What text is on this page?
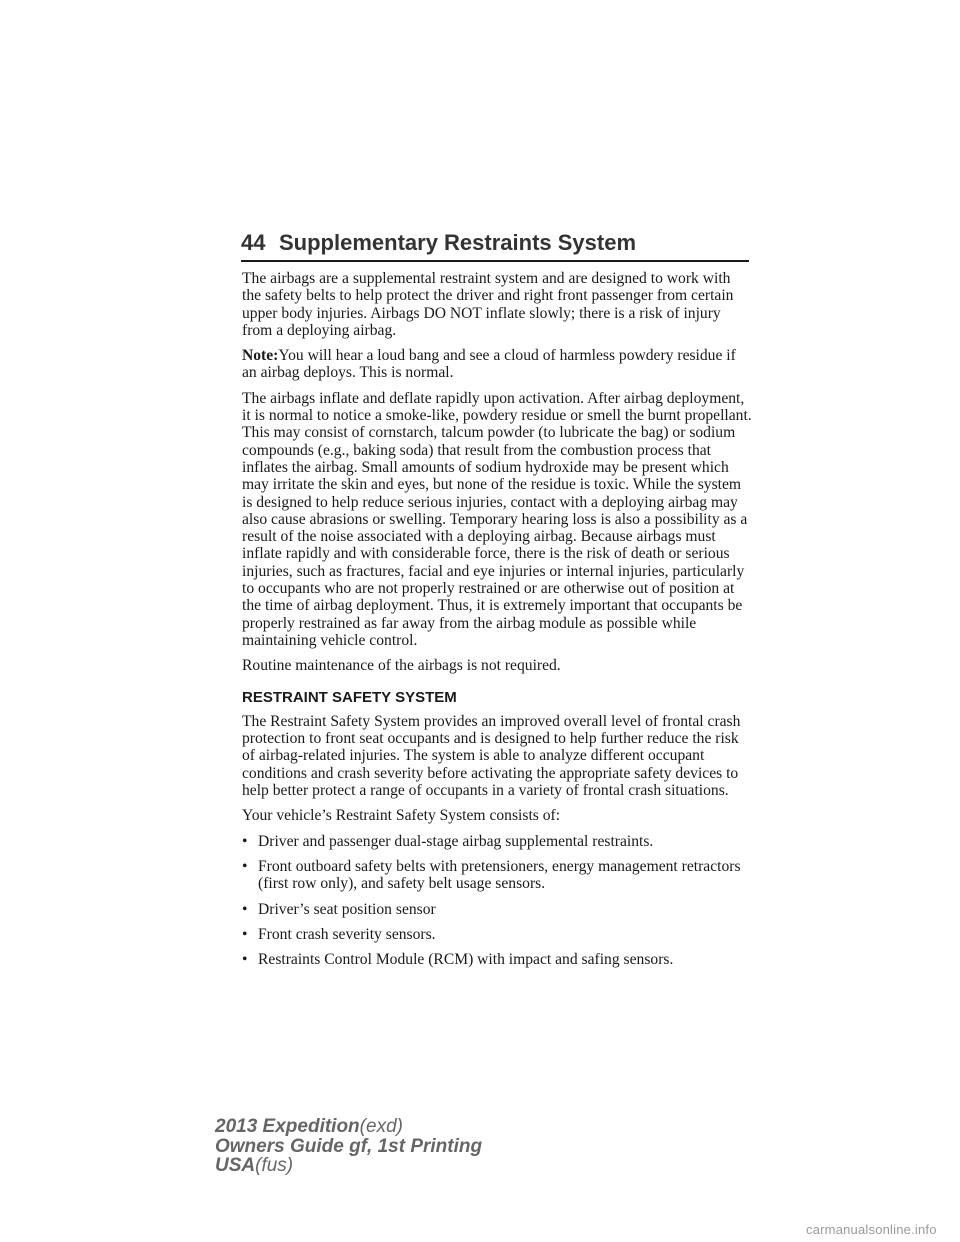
44 Supplementary Restraints System

The airbags are a supplemental restraint system and are designed to work with the safety belts to help protect the driver and right front passenger from certain upper body injuries. Airbags DO NOT inflate slowly; there is a risk of injury from a deploying airbag.

Note:You will hear a loud bang and see a cloud of harmless powdery residue if an airbag deploys. This is normal.

The airbags inflate and deflate rapidly upon activation. After airbag deployment, it is normal to notice a smoke-like, powdery residue or smell the burnt propellant. This may consist of cornstarch, talcum powder (to lubricate the bag) or sodium compounds (e.g., baking soda) that result from the combustion process that inflates the airbag. Small amounts of sodium hydroxide may be present which may irritate the skin and eyes, but none of the residue is toxic. While the system is designed to help reduce serious injuries, contact with a deploying airbag may also cause abrasions or swelling. Temporary hearing loss is also a possibility as a result of the noise associated with a deploying airbag. Because airbags must inflate rapidly and with considerable force, there is the risk of death or serious injuries, such as fractures, facial and eye injuries or internal injuries, particularly to occupants who are not properly restrained or are otherwise out of position at the time of airbag deployment. Thus, it is extremely important that occupants be properly restrained as far away from the airbag module as possible while maintaining vehicle control.

Routine maintenance of the airbags is not required.

RESTRAINT SAFETY SYSTEM

The Restraint Safety System provides an improved overall level of frontal crash protection to front seat occupants and is designed to help further reduce the risk of airbag-related injuries. The system is able to analyze different occupant conditions and crash severity before activating the appropriate safety devices to help better protect a range of occupants in a variety of frontal crash situations.

Your vehicle’s Restraint Safety System consists of:

• Driver and passenger dual-stage airbag supplemental restraints.
• Front outboard safety belts with pretensioners, energy management retractors (first row only), and safety belt usage sensors.
• Driver’s seat position sensor
• Front crash severity sensors.
• Restraints Control Module (RCM) with impact and safing sensors.
2013 Expedition(exd)
Owners Guide gf, 1st Printing
USA(fus)
carmanualsonline.info
